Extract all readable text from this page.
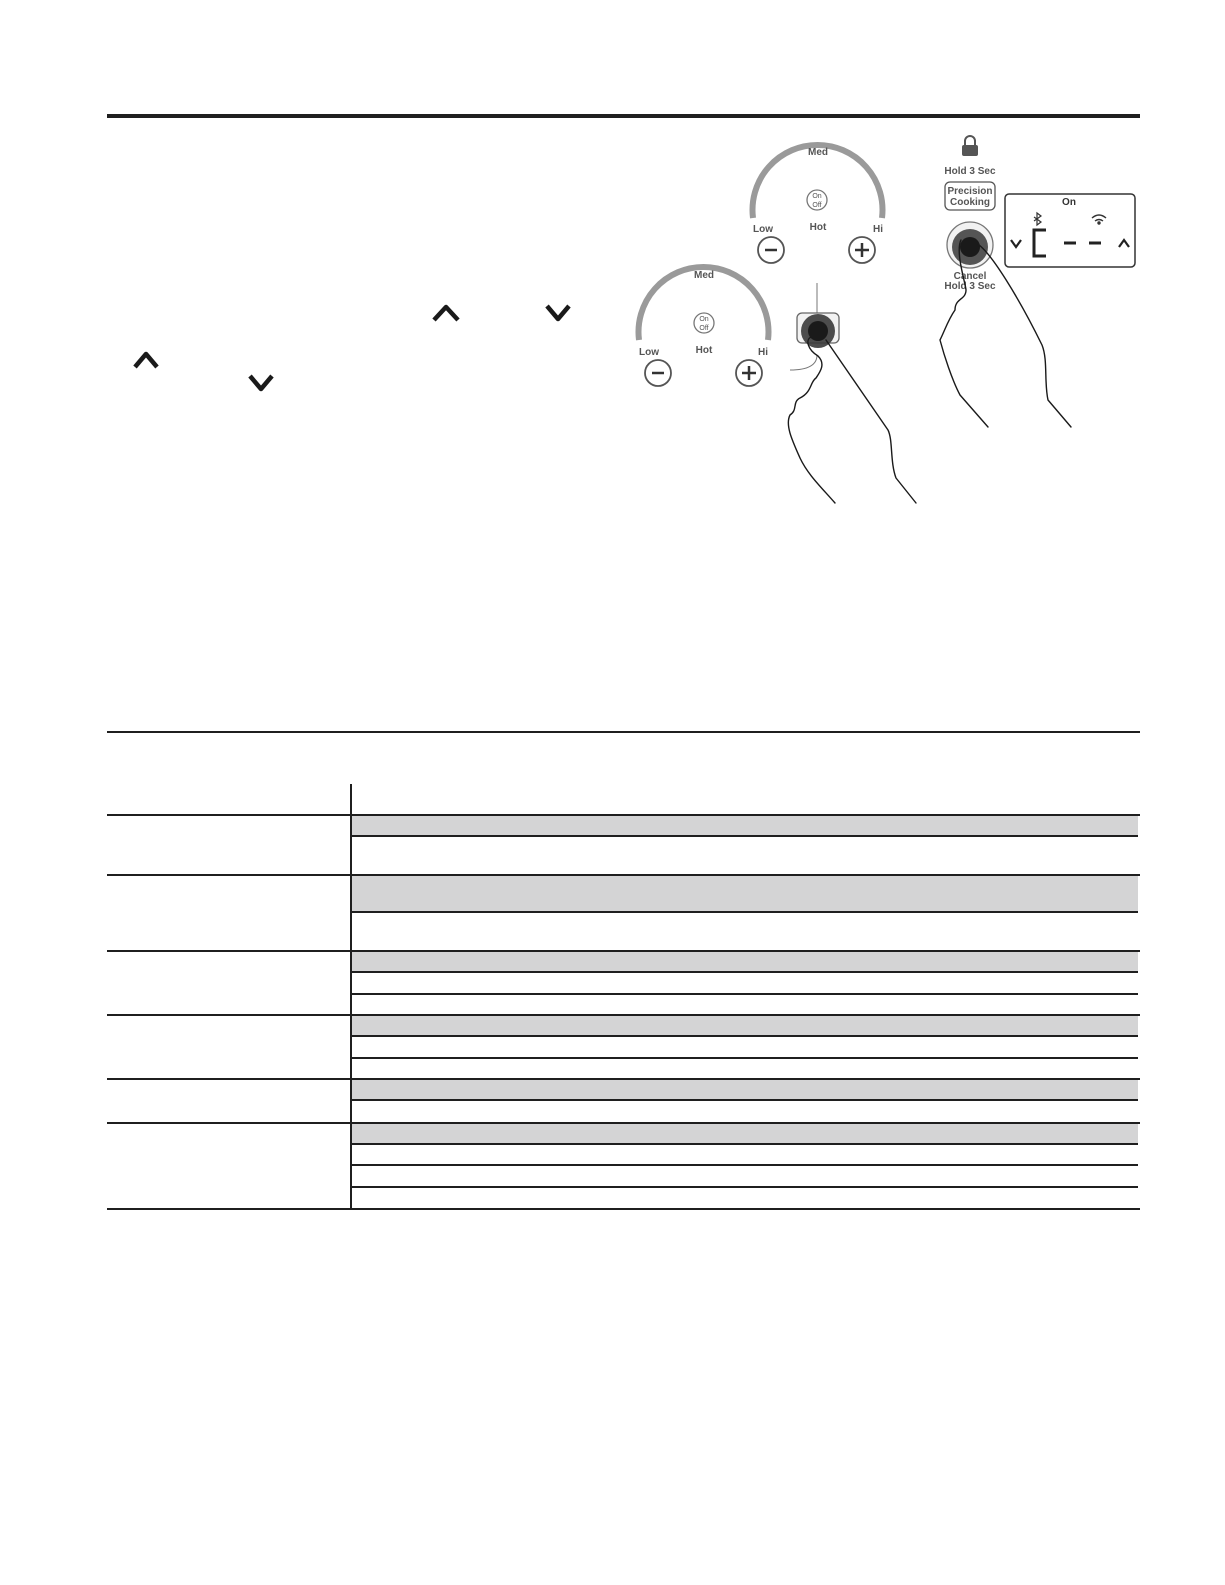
Med
Low	Hot	Hi
On
Off
Med
Low	Hot	Hi
On
Off
Hold 3 Sec
Precision
Cooking
Cancel
Hold 3 Sec
On
